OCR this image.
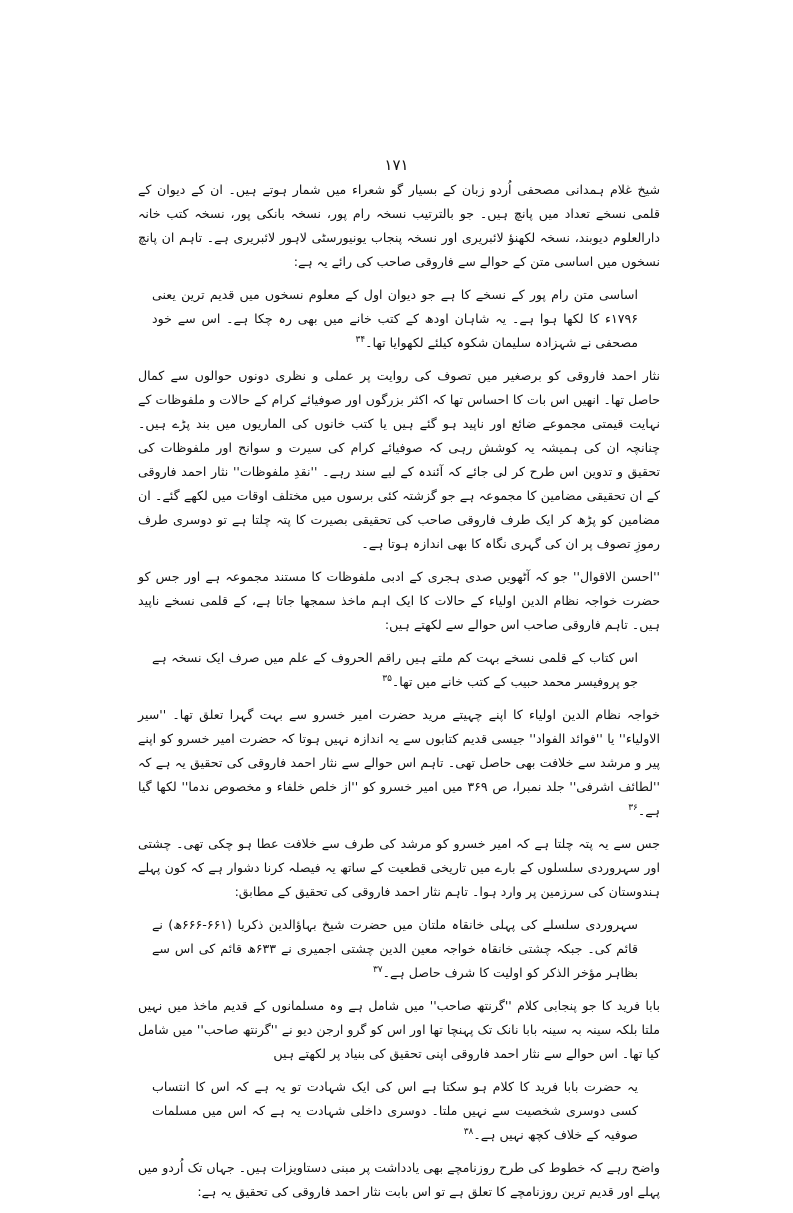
۱۷۱

شیخ غلام ہمدانی مصحفی اُردو زبان کے بسیار گو شعراء میں شمار ہوتے ہیں۔ ان کے دیوان کے قلمی نسخے تعداد میں پانچ ہیں۔ جو بالترتیب نسخہ رام پور، نسخہ بانکی پور، نسخہ کتب خانہ دارالعلوم دیوبند، نسخہ لکھنؤ لائبریری اور نسخہ پنجاب یونیورسٹی لاہور لائبریری ہے۔ تاہم ان پانچ نسخوں میں اساسی متن کے حوالے سے فاروقی صاحب کی رائے یہ ہے:

اساسی متن رام پور کے نسخے کا ہے جو دیوان اول کے معلوم نسخوں میں قدیم ترین یعنی ۱۷۹۶ء کا لکھا ہوا ہے۔ یہ شاہان اودھ کے کتب خانے میں بھی رہ چکا ہے۔ اس سے خود مصحفی نے شہزادہ سلیمان شکوہ کیلئے لکھوایا تھا۔$^{۳۴}$

نثار احمد فاروقی کو برصغیر میں تصوف کی روایت پر عملی و نظری دونوں حوالوں سے کمال حاصل تھا۔ انھیں اس بات کا احساس تھا کہ اکثر بزرگوں اور صوفیائے کرام کے حالات و ملفوظات کے نہایت قیمتی مجموعے ضائع اور ناپید ہو گئے ہیں یا کتب خانوں کی الماریوں میں بند پڑے ہیں۔ چنانچہ ان کی ہمیشہ یہ کوشش رہی کہ صوفیائے کرام کی سیرت و سوانح اور ملفوظات کی تحقیق و تدوین اس طرح کر لی جائے کہ آئندہ کے لیے سند رہے۔ ''نقدِ ملفوظات'' نثار احمد فاروقی کے ان تحقیقی مضامین کا مجموعہ ہے جو گزشتہ کئی برسوں میں مختلف اوقات میں لکھے گئے۔ ان مضامین کو پڑھ کر ایک طرف فاروقی صاحب کی تحقیقی بصیرت کا پتہ چلتا ہے تو دوسری طرف رموزِ تصوف پر ان کی گہری نگاہ کا بھی اندازہ ہوتا ہے۔

''احسن الاقوال'' جو کہ آٹھویں صدی ہجری کے ادبی ملفوظات کا مستند مجموعہ ہے اور جس کو حضرت خواجہ نظام الدین اولیاء کے حالات کا ایک اہم ماخذ سمجھا جاتا ہے، کے قلمی نسخے ناپید ہیں۔ تاہم فاروقی صاحب اس حوالے سے لکھتے ہیں:

اس کتاب کے قلمی نسخے بہت کم ملتے ہیں راقم الحروف کے علم میں صرف ایک نسخہ ہے جو پروفیسر محمد حبیب کے کتب خانے میں تھا۔$^{۳۵}$

خواجہ نظام الدین اولیاء کا اپنے چہیتے مرید حضرت امیر خسرو سے بہت گہرا تعلق تھا۔ ''سیر الاولیاء'' یا ''فوائد الفواد'' جیسی قدیم کتابوں سے یہ اندازہ نہیں ہوتا کہ حضرت امیر خسرو کو اپنے پیر و مرشد سے خلافت بھی حاصل تھی۔ تاہم اس حوالے سے نثار احمد فاروقی کی تحقیق یہ ہے کہ ''لطائف اشرفی'' جلد نمبرا، ص ۳۶۹ میں امیر خسرو کو ''از خلص خلفاء و مخصوص ندما'' لکھا گیا ہے۔$^{۳۶}$

جس سے یہ پتہ چلتا ہے کہ امیر خسرو کو مرشد کی طرف سے خلافت عطا ہو چکی تھی۔ چشتی اور سہروردی سلسلوں کے بارے میں تاریخی قطعیت کے ساتھ یہ فیصلہ کرنا دشوار ہے کہ کون پہلے ہندوستان کی سرزمین پر وارد ہوا۔ تاہم نثار احمد فاروقی کی تحقیق کے مطابق:

سہروردی سلسلے کی پہلی خانقاہ ملتان میں حضرت شیخ بہاؤالدین ذکریا (۶۶۱-۶۶۶ھ) نے قائم کی۔ جبکہ چشتی خانقاہ خواجہ معین الدین چشتی اجمیری نے ۶۳۳ھ قائم کی اس سے بظاہر مؤخر الذکر کو اولیت کا شرف حاصل ہے۔$^{۳۷}$

بابا فرید کا جو پنجابی کلام ''گرنتھ صاحب'' میں شامل ہے وہ مسلمانوں کے قدیم ماخذ میں نہیں ملتا بلکہ سینہ بہ سینہ بابا نانک تک پہنچا تھا اور اس کو گرو ارجن دیو نے ''گرنتھ صاحب'' میں شامل کیا تھا۔ اس حوالے سے نثار احمد فاروقی اپنی تحقیق کی بنیاد پر لکھتے ہیں

یہ حضرت بابا فرید کا کلام ہو سکتا ہے اس کی ایک شہادت تو یہ ہے کہ اس کا انتساب کسی دوسری شخصیت سے نہیں ملتا۔ دوسری داخلی شہادت یہ ہے کہ اس میں مسلمات صوفیہ کے خلاف کچھ نہیں ہے۔$^{۳۸}$

واضح رہے کہ خطوط کی طرح روزنامچے بھی یادداشت پر مبنی دستاویزات ہیں۔ جہاں تک اُردو میں پہلے اور قدیم ترین روزنامچے کا تعلق ہے تو اس بابت نثار احمد فاروقی کی تحقیق یہ ہے:
